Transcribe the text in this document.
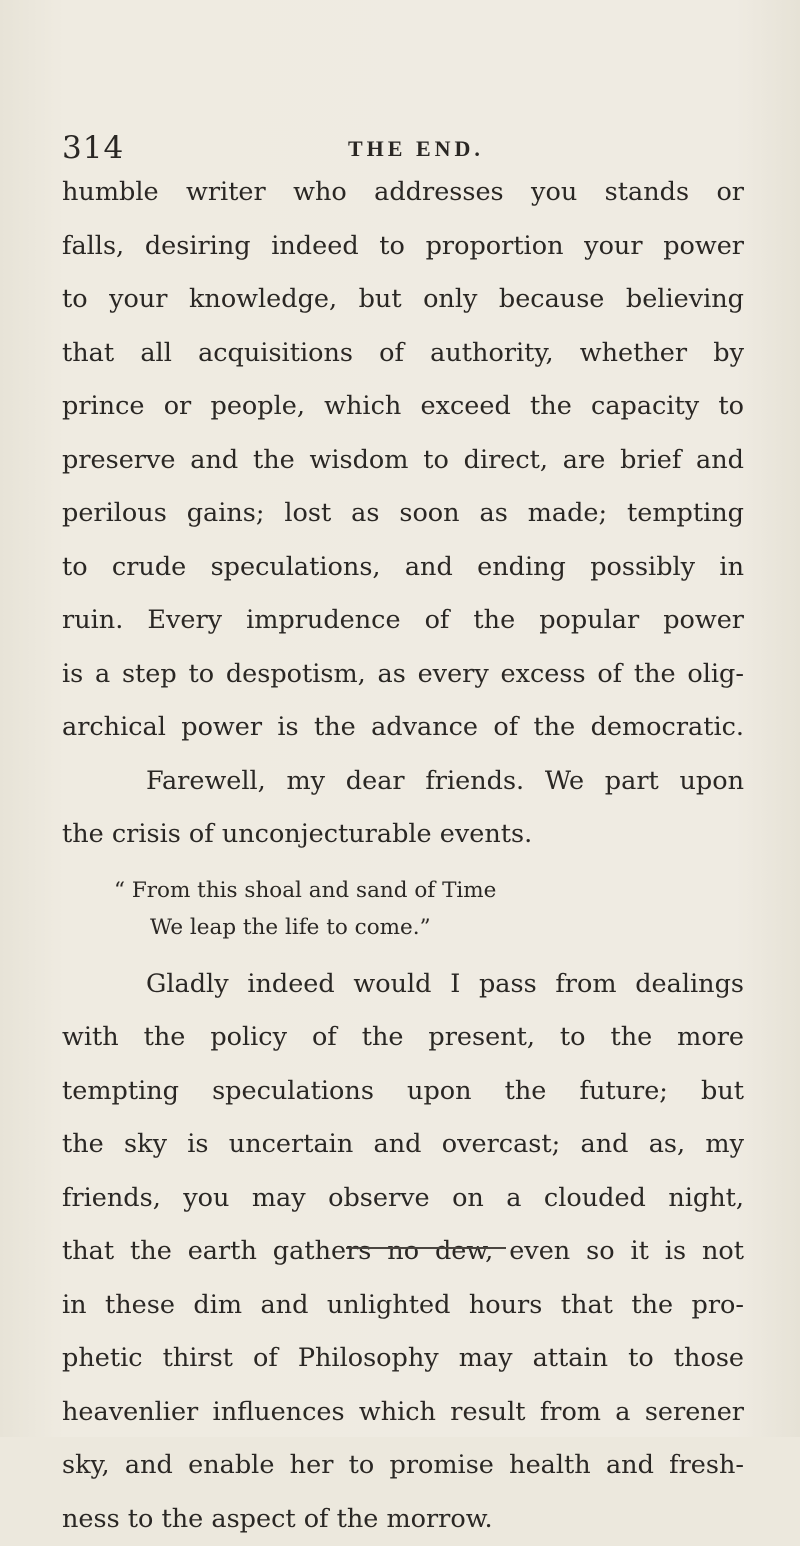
314	THE END.
humble writer who addresses you stands or
falls, desiring indeed to proportion your power
to your knowledge, but only because believing
that all acquisitions of authority, whether by
prince or people, which exceed the capacity to
preserve and the wisdom to direct, are brief and
perilous gains; lost as soon as made; tempting
to crude speculations, and ending possibly in
ruin. Every imprudence of the popular power
is a step to despotism, as every excess of the olig-
archical power is the advance of the democratic.
Farewell, my dear friends. We part upon
the crisis of unconjecturable events.
“ From this shoal and sand of Time
We leap the life to come.”
Gladly indeed would I pass from dealings
with the policy of the present, to the more
tempting speculations upon the future; but
the sky is uncertain and overcast; and as, my
friends, you may observe on a clouded night,
that the earth gathers no dew, even so it is not
in these dim and unlighted hours that the pro-
phetic thirst of Philosophy may attain to those
heavenlier influences which result from a serener
sky, and enable her to promise health and fresh-
ness to the aspect of the morrow.
